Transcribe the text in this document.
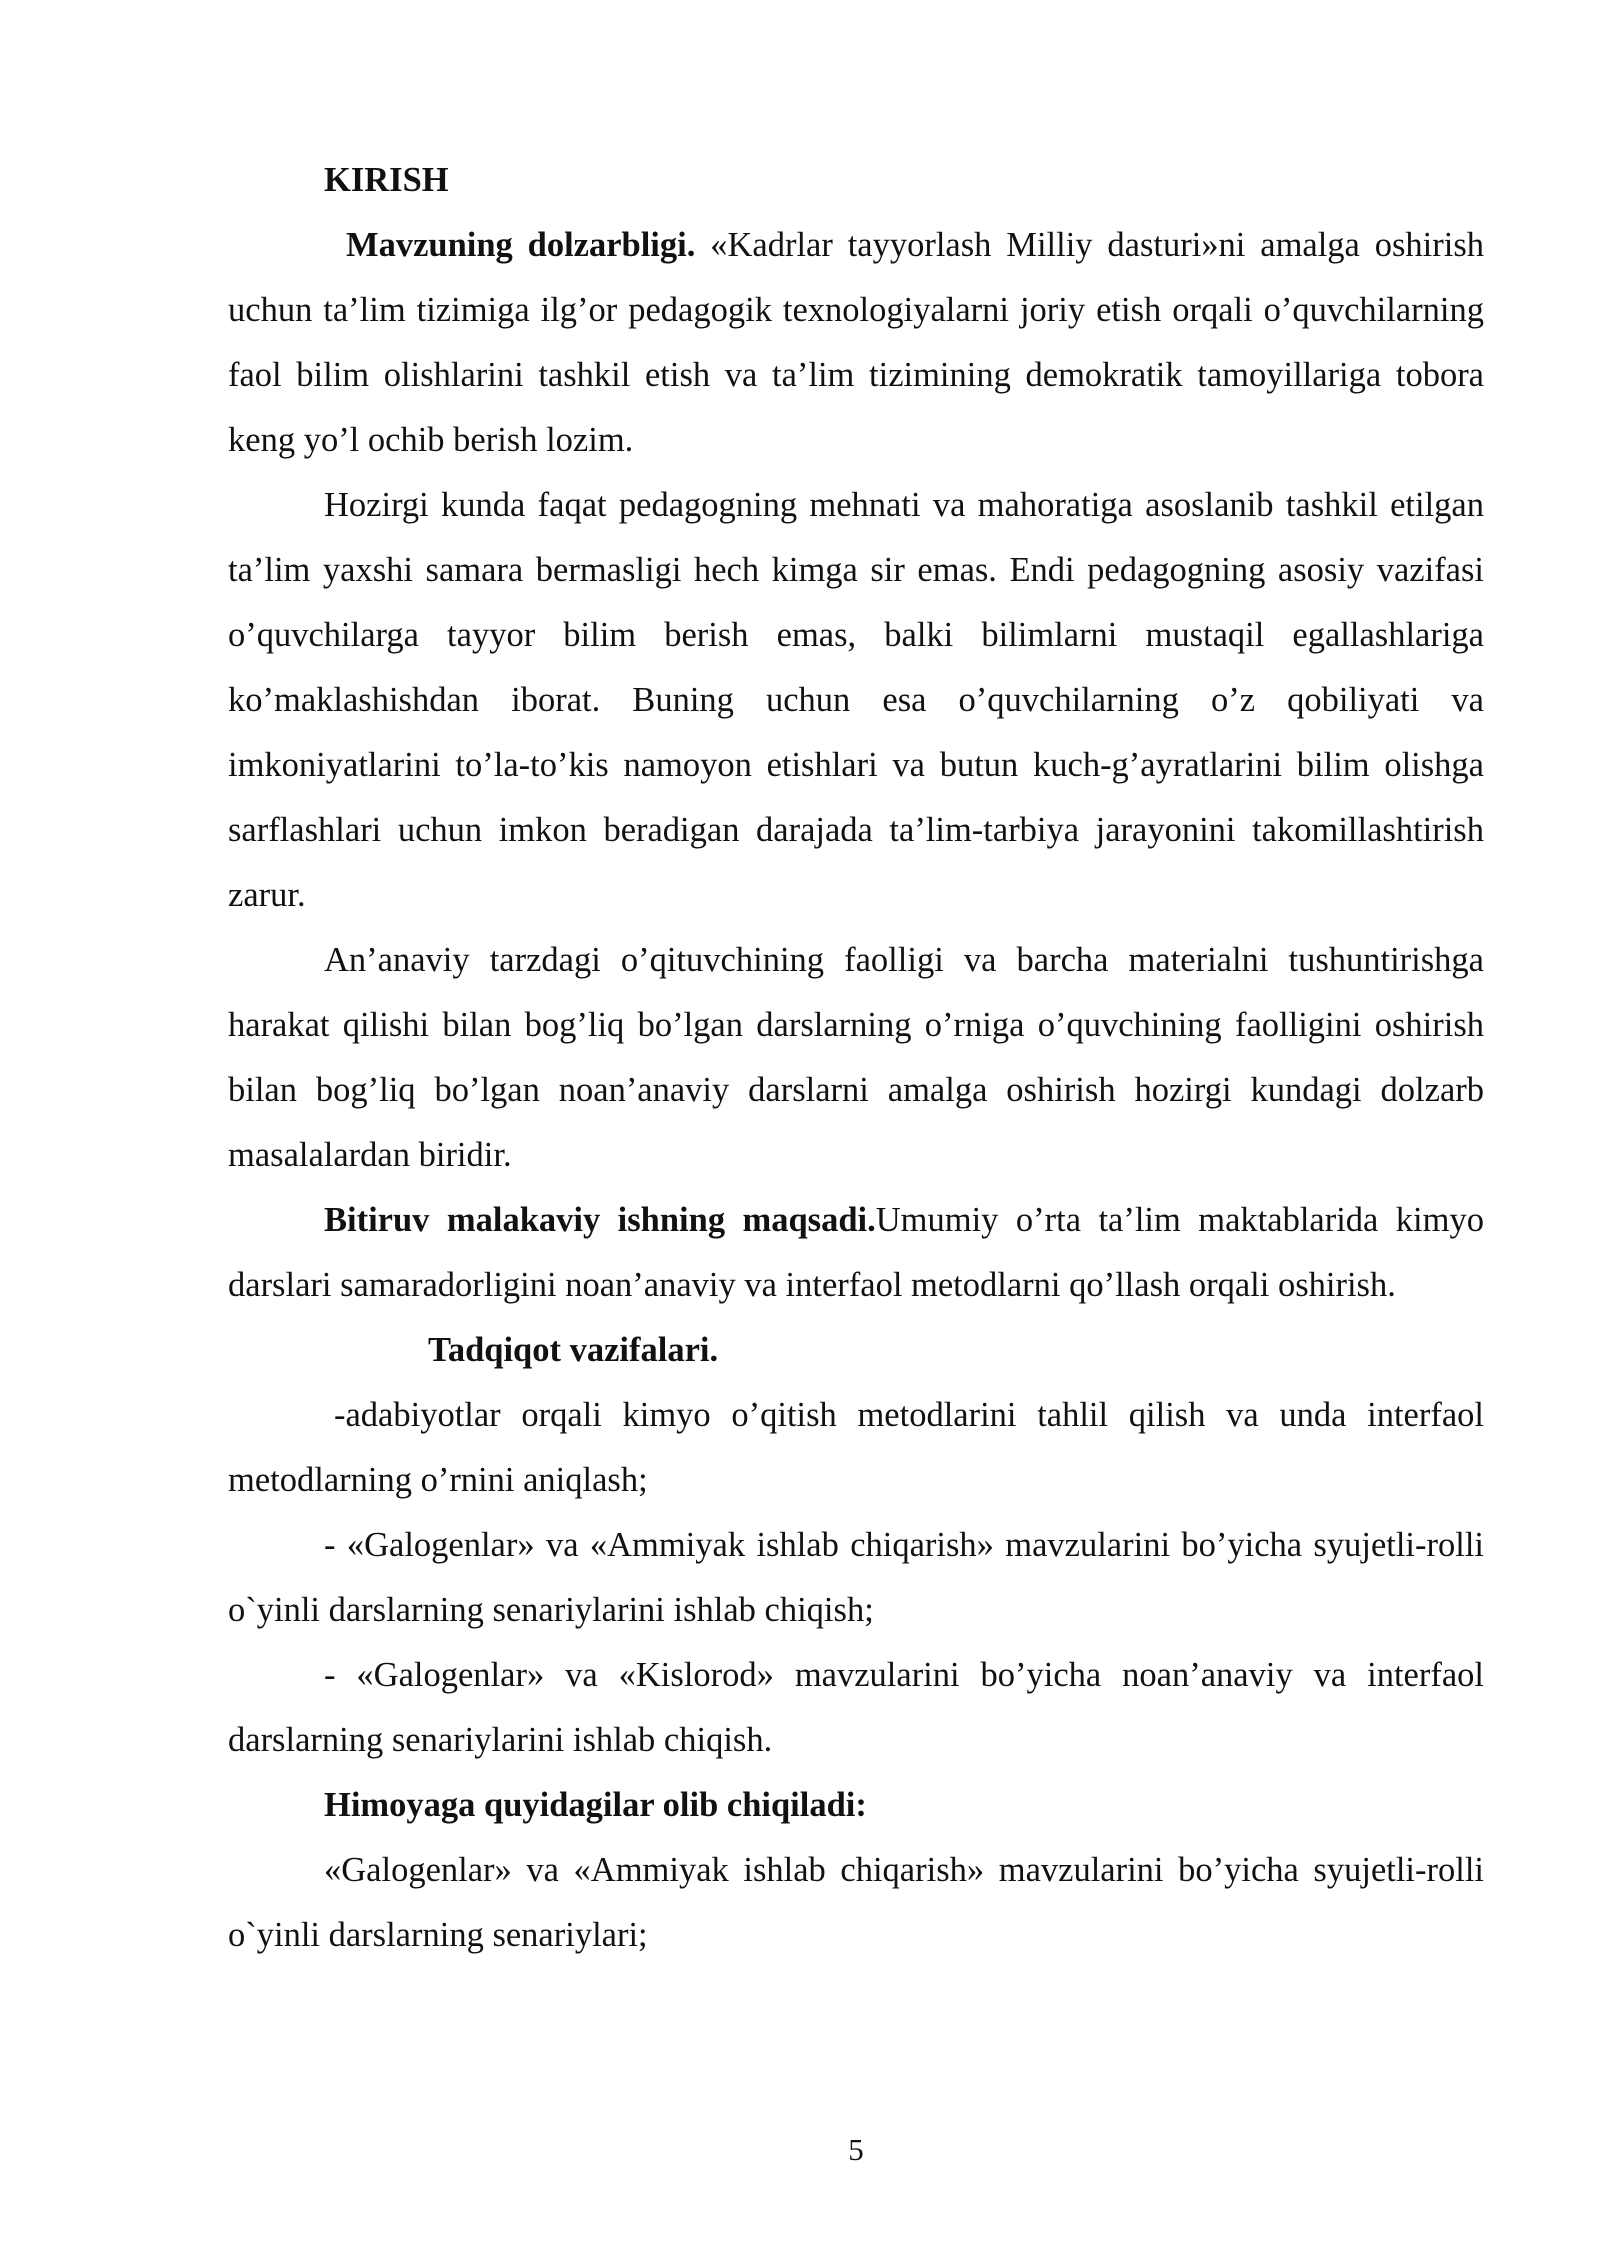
KIRISH

Mavzuning dolzarbligi. «Kadrlar tayyorlash Milliy dasturi»ni amalga oshirish uchun ta’lim tizimiga ilg’or pedagogik texnologiyalarni joriy etish orqali o’quvchilarning faol bilim olishlarini tashkil etish va ta’lim tizimining demokratik tamoyillariga tobora keng yo’l ochib berish lozim.

Hozirgi kunda faqat pedagogning mehnati va mahoratiga asoslanib tashkil etilgan ta’lim yaxshi samara bermasligi hech kimga sir emas. Endi pedagogning asosiy vazifasi o’quvchilarga tayyor bilim berish emas, balki bilimlarni mustaqil egallashlariga ko’maklashishdan iborat. Buning uchun esa o’quvchilarning o’z qobiliyati va imkoniyatlarini to’la-to’kis namoyon etishlari va butun kuch-g’ayratlarini bilim olishga sarflashlari uchun imkon beradigan darajada ta’lim-tarbiya jarayonini takomillashtirish zarur.

An’anaviy tarzdagi o’qituvchining faolligi va barcha materialni tushuntirishga harakat qilishi bilan bog’liq bo’lgan darslarning o’rniga o’quvchining faolligini oshirish bilan bog’liq bo’lgan noan’anaviy darslarni amalga oshirish hozirgi kundagi dolzarb masalalardan biridir.

Bitiruv malakaviy ishning maqsadi.Umumiy o’rta ta’lim maktablarida kimyo darslari samaradorligini noan’anaviy va interfaol metodlarni qo’llash orqali oshirish.

Tadqiqot vazifalari.

-adabiyotlar orqali kimyo o’qitish metodlarini tahlil qilish va unda interfaol metodlarning o’rnini aniqlash;

- «Galogenlar» va «Ammiyak ishlab chiqarish» mavzularini bo’yicha syujetli-rolli o`yinli darslarning senariylarini ishlab chiqish;

- «Galogenlar» va «Kislorod» mavzularini bo’yicha noan’anaviy va interfaol darslarning senariylarini ishlab chiqish.

Himoyaga quyidagilar olib chiqiladi:

«Galogenlar» va «Ammiyak ishlab chiqarish» mavzularini bo’yicha syujetli-rolli o`yinli darslarning senariylari;

5
